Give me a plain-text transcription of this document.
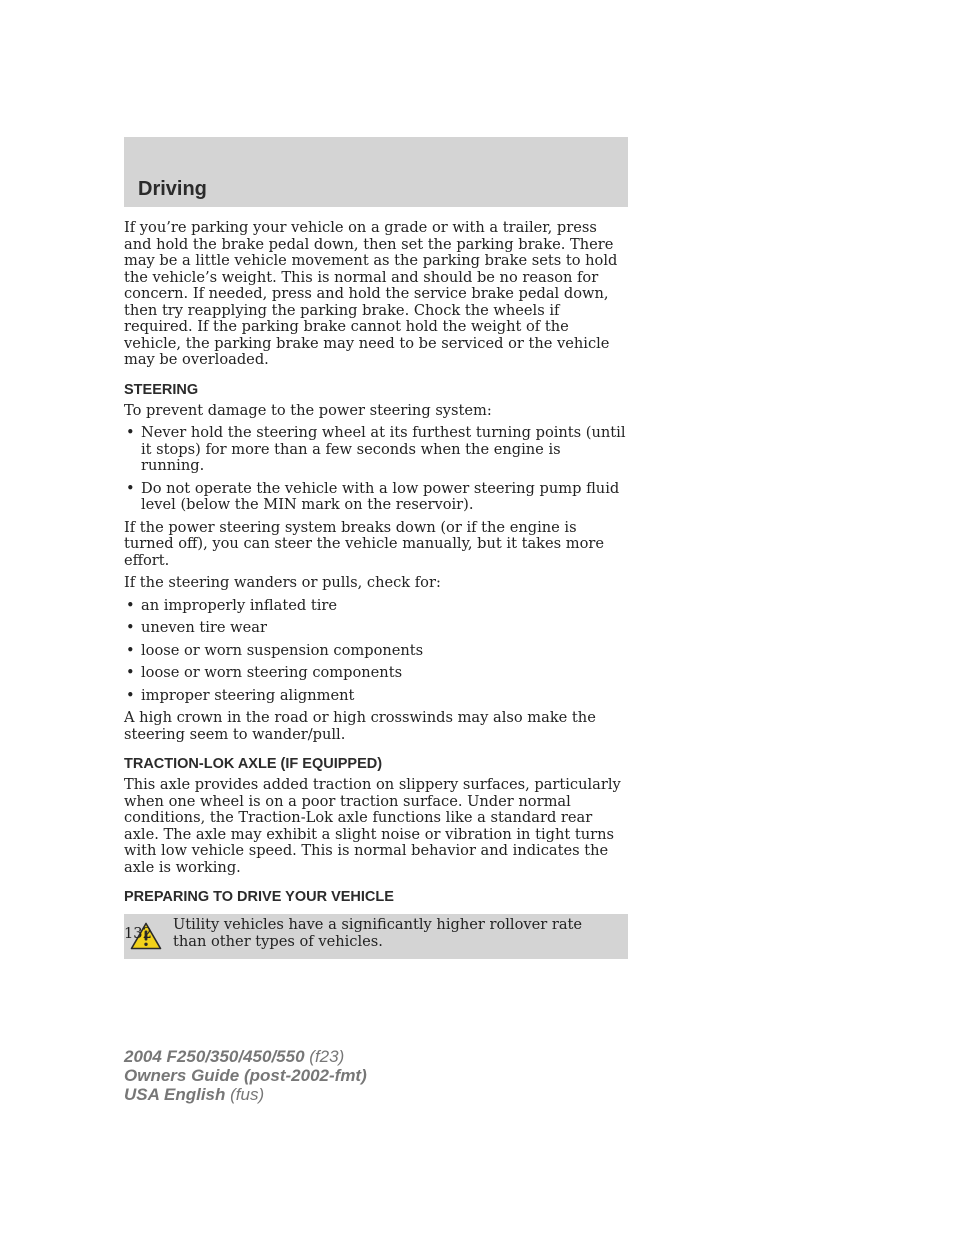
Driving

If you’re parking your vehicle on a grade or with a trailer, press and hold the brake pedal down, then set the parking brake. There may be a little vehicle movement as the parking brake sets to hold the vehicle’s weight. This is normal and should be no reason for concern. If needed, press and hold the service brake pedal down, then try reapplying the parking brake. Chock the wheels if required. If the parking brake cannot hold the weight of the vehicle, the parking brake may need to be serviced or the vehicle may be overloaded.

STEERING

To prevent damage to the power steering system:

• Never hold the steering wheel at its furthest turning points (until it stops) for more than a few seconds when the engine is running.
• Do not operate the vehicle with a low power steering pump fluid level (below the MIN mark on the reservoir).

If the power steering system breaks down (or if the engine is turned off), you can steer the vehicle manually, but it takes more effort.

If the steering wanders or pulls, check for:

• an improperly inflated tire
• uneven tire wear
• loose or worn suspension components
• loose or worn steering components
• improper steering alignment

A high crown in the road or high crosswinds may also make the steering seem to wander/pull.

TRACTION-LOK AXLE (IF EQUIPPED)

This axle provides added traction on slippery surfaces, particularly when one wheel is on a poor traction surface. Under normal conditions, the Traction-Lok axle functions like a standard rear axle. The axle may exhibit a slight noise or vibration in tight turns with low vehicle speed. This is normal behavior and indicates the axle is working.

PREPARING TO DRIVE YOUR VEHICLE
Utility vehicles have a significantly higher rollover rate than other types of vehicles.
132
2004 F250/350/450/550 (f23)
Owners Guide (post-2002-fmt)
USA English (fus)
